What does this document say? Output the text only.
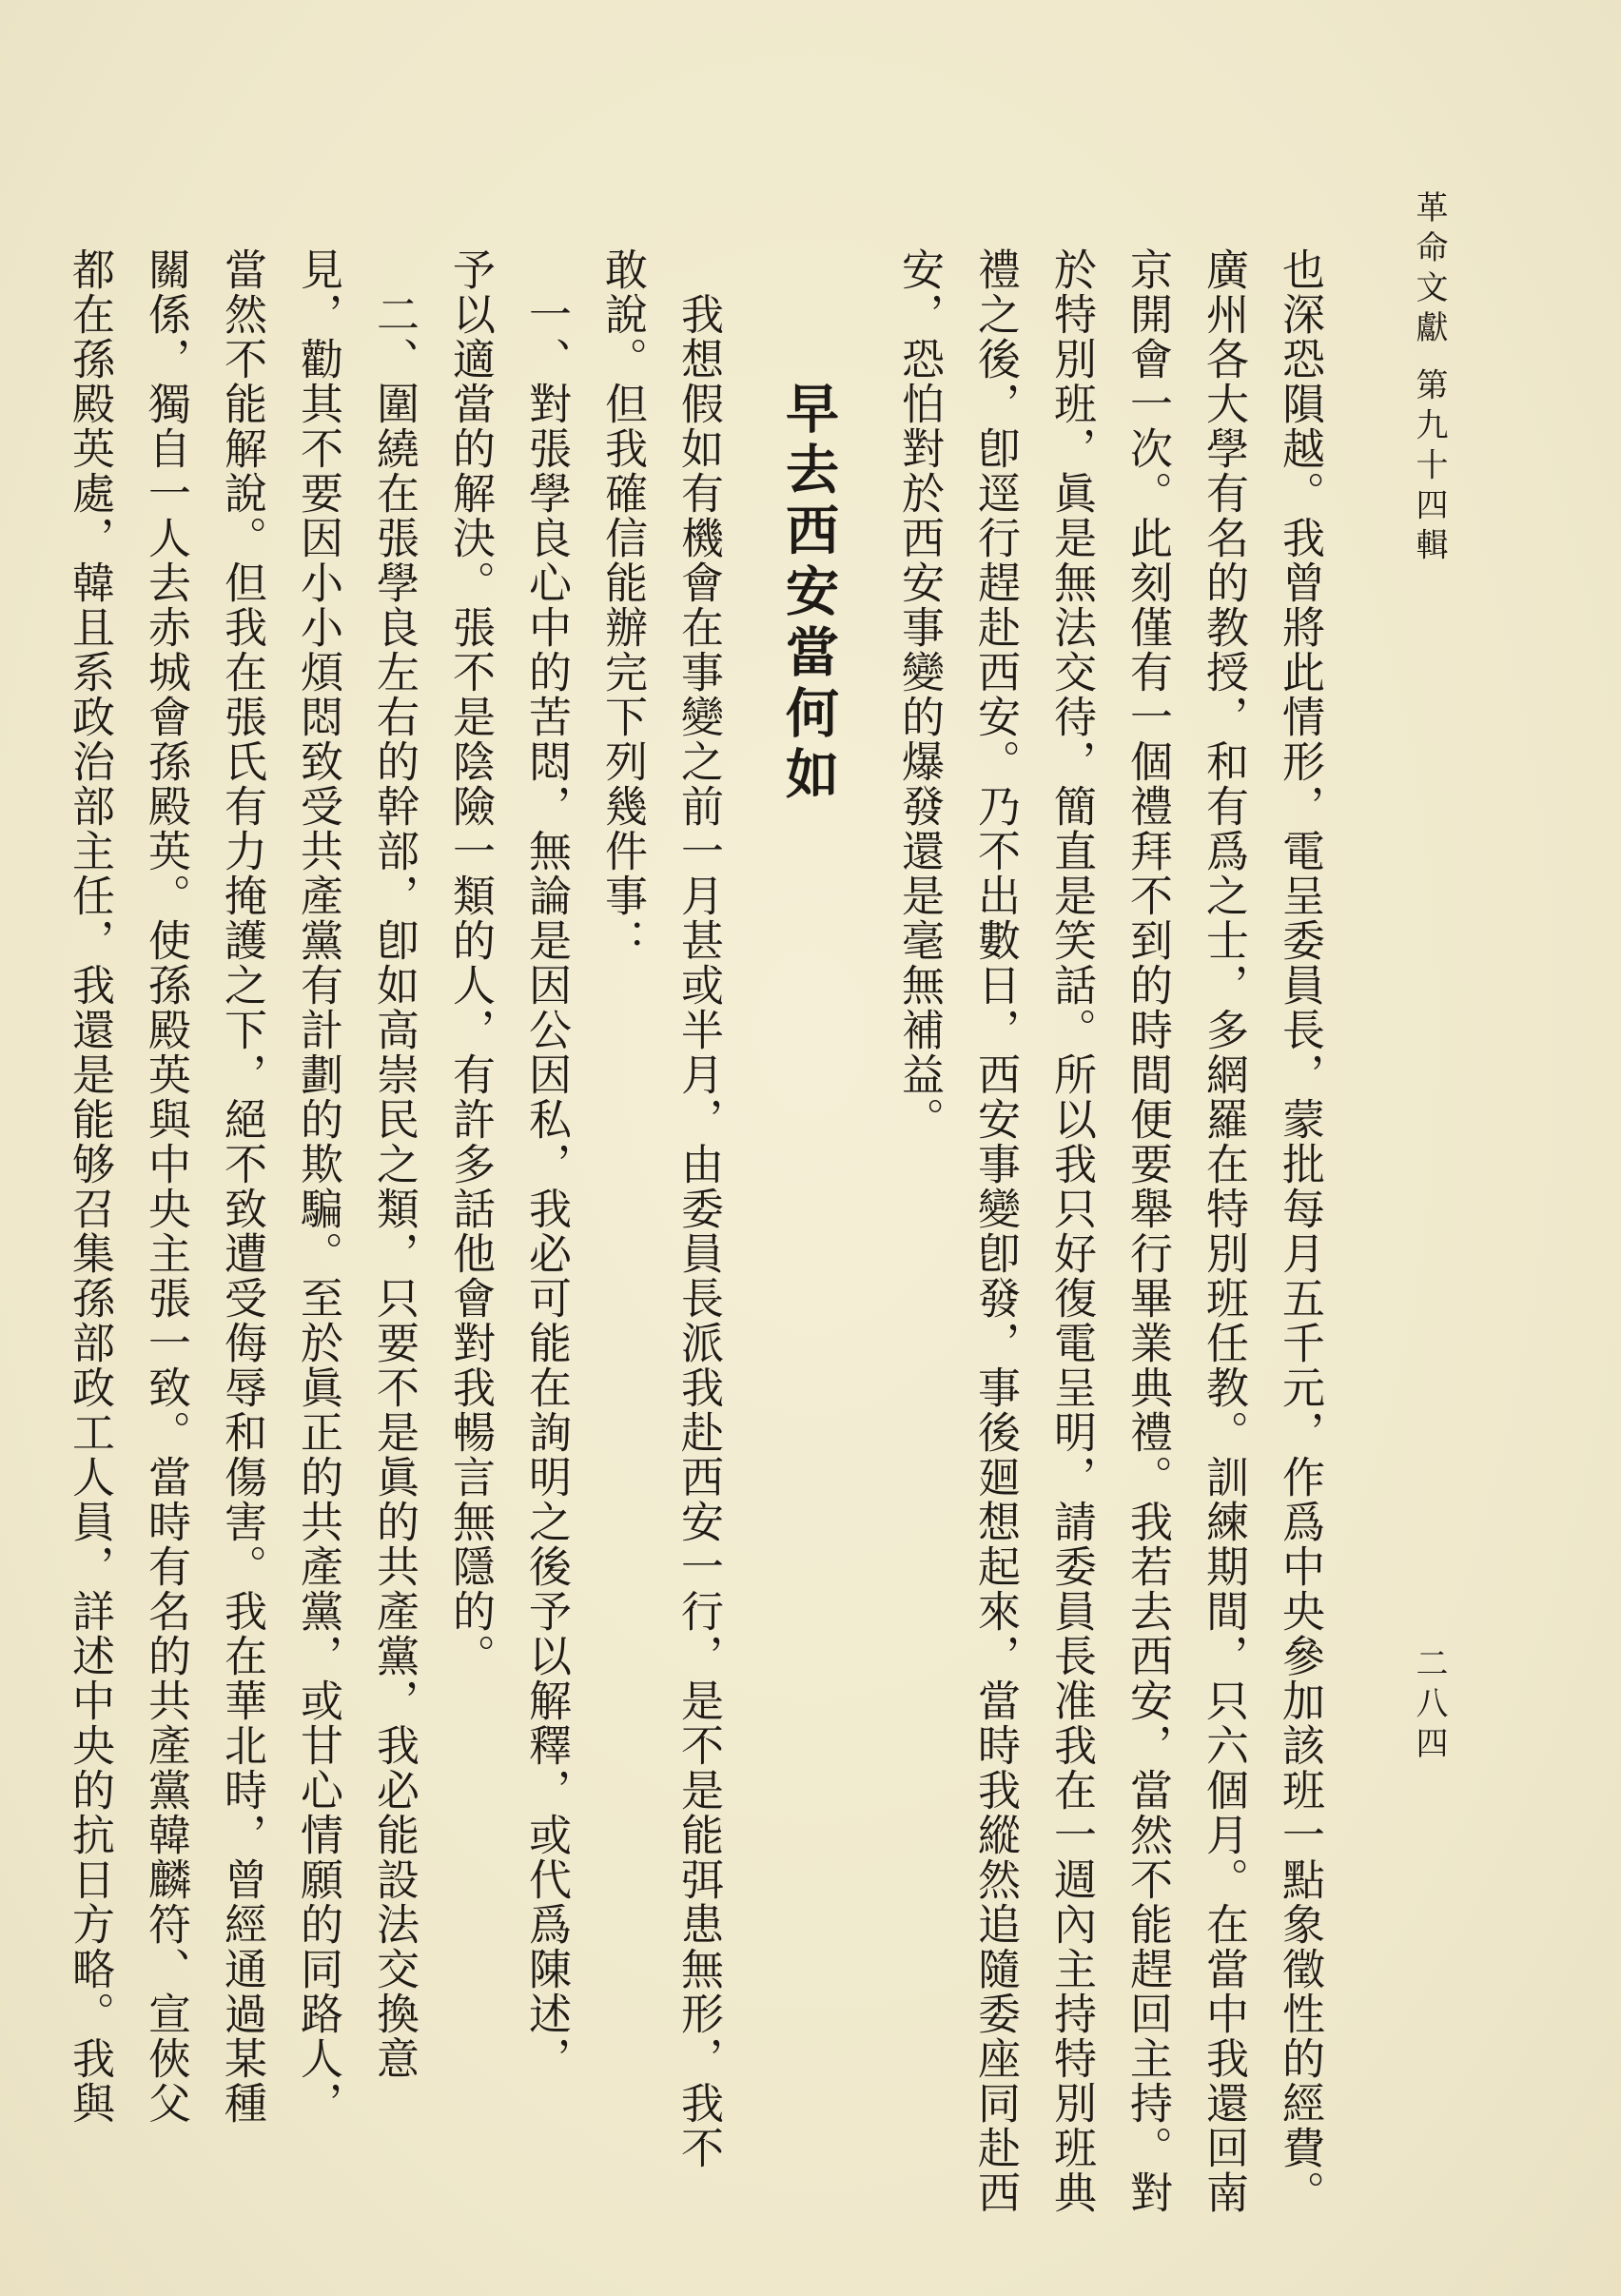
革命文獻 第九十四輯
二八四
也深恐隕越。我曾將此情形，電呈委員長，蒙批每月五千元，作爲中央參加該班一點象徵性的經費。
廣州各大學有名的教授，和有爲之士，多網羅在特別班任教。訓練期間，只六個月。在當中我還回南
京開會一次。此刻僅有一個禮拜不到的時間便要舉行畢業典禮。我若去西安，當然不能趕回主持。對
於特別班，眞是無法交待，簡直是笑話。所以我只好復電呈明，請委員長准我在一週內主持特別班典
禮之後，卽逕行趕赴西安。乃不出數日，西安事變卽發，事後廻想起來，當時我縱然追隨委座同赴西
安，恐怕對於西安事變的爆發還是毫無補益。
早去西安當何如
　我想假如有機會在事變之前一月甚或半月，由委員長派我赴西安一行，是不是能弭患無形，我不
敢說。但我確信能辦完下列幾件事：
　一、對張學良心中的苦悶，無論是因公因私，我必可能在詢明之後予以解釋，或代爲陳述，
予以適當的解決。張不是陰險一類的人，有許多話他會對我暢言無隱的。
　二、圍繞在張學良左右的幹部，卽如高崇民之類，只要不是眞的共產黨，我必能設法交換意
見，勸其不要因小小煩悶致受共產黨有計劃的欺騙。至於眞正的共產黨，或甘心情願的同路人，
當然不能解說。但我在張氏有力掩護之下，絕不致遭受侮辱和傷害。我在華北時，曾經通過某種
關係，獨自一人去赤城會孫殿英。使孫殿英與中央主張一致。當時有名的共產黨韓麟符、宣俠父
都在孫殿英處，韓且系政治部主任，我還是能够召集孫部政工人員，詳述中央的抗日方略。我與
